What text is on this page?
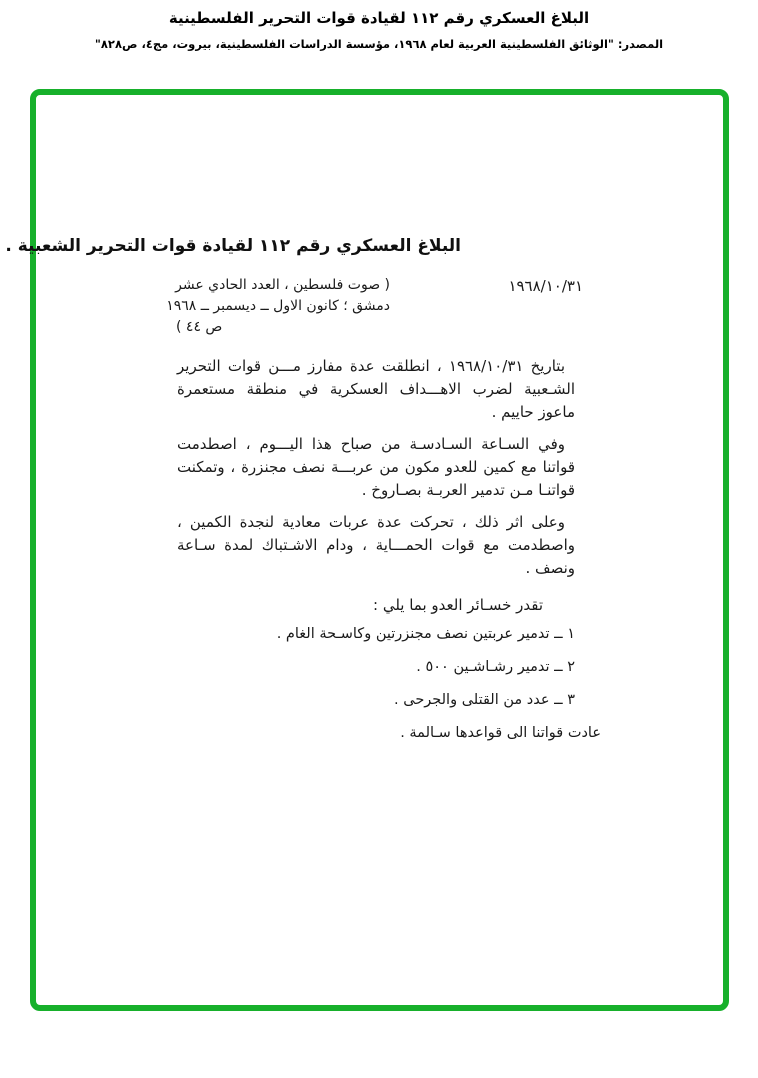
البلاغ العسكري رقم ١١٢ لقيادة قوات التحرير الفلسطينية
المصدر: "الوثائق الفلسطينية العربية لعام ١٩٦٨، مؤسسة الدراسات الفلسطينية، بيروت، مج٤، ص٨٢٨"
البلاغ العسكري رقم ١١٢ لقيادة قوات التحرير الشعبية .
١٩٦٨/١٠/٣١
( صوت فلسطين ، العدد الحادي عشر
دمشق ؛ كانون الاول ــ ديسمبر ــ ١٩٦٨
ص ٤٤ )

بتاريخ ١٩٦٨/١٠/٣١ ، انطلقت عدة مفارز مـــن قوات التحرير الشـعبية لضرب الاهـــداف العسكرية في منطقة مستعمرة ماعوز حاييم .

وفي السـاعة السـادسـة من صباح هذا اليـــوم ، اصطدمت قواتنا مع كمين للعدو مكون من عربـــة نصف مجنزرة ، وتمكنت قواتنـا مـن تدمير العربـة بصـاروخ .

وعلى اثر ذلك ، تحركت عدة عربات معادية لنجدة الكمين ، واصطدمت مع قوات الحمـــاية ، ودام الاشـتباك لمدة سـاعة ونصف .

تقدر خسـائر العدو بما يلي :
١ ــ تدمير عربتين نصف مجنزرتين وكاسـحة الغام .
٢ ــ تدمير رشـاشـين ٥٠٠ .
٣ ــ عدد من القتلى والجرحى .
عادت قواتنا الى قواعدها سـالمة .
